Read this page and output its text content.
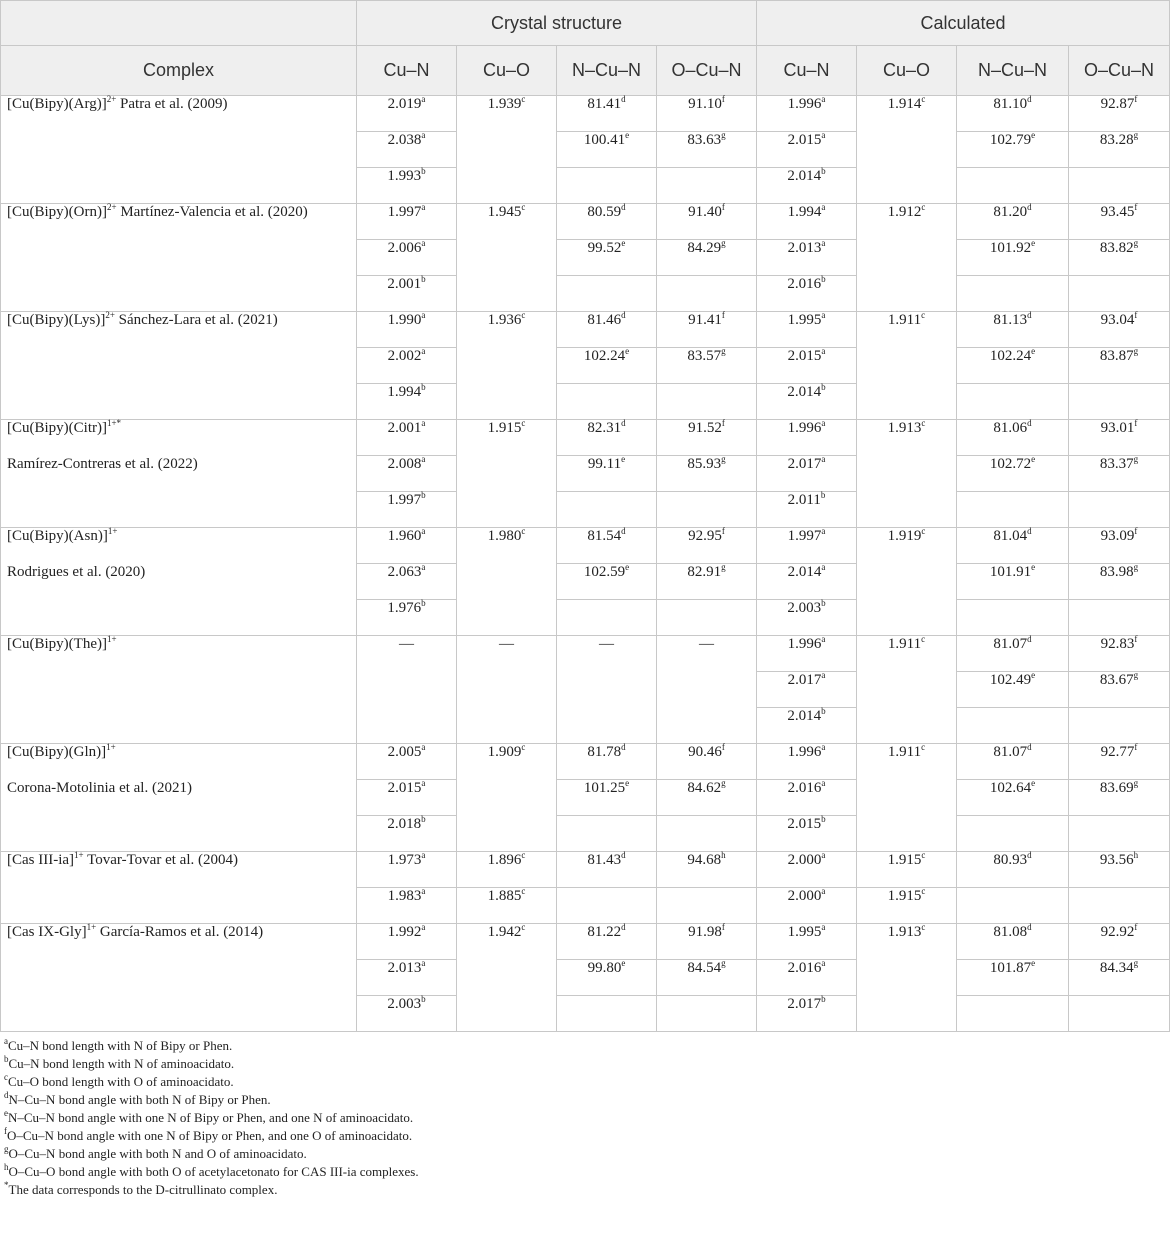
	Crystal structure				Calculated			
Complex	Cu–N	Cu–O	N–Cu–N	O–Cu–N	Cu–N	Cu–O	N–Cu–N	O–Cu–N

[Cu(Bipy)(Arg)]$^{2+}$ Patra et al. (2009)	2.019$^a$	1.939$^c$	81.41$^d$	91.10$^f$	1.996$^a$	1.914$^c$	81.10$^d$	92.87$^f$
	2.038$^a$		100.41e	83.63$^g$	2.015$^a$		102.79e	83.28$^g$
	1.993$^b$				2.014$^b$		

[Cu(Bipy)(Orn)]$^{2+}$ Martínez-Valencia et al. (2020)	1.997$^a$	1.945$^c$	80.59$^d$	91.40$^f$	1.994$^a$	1.912$^c$	81.20$^d$	93.45$^f$
	2.006$^a$		99.52e	84.29$^g$	2.013$^a$		101.92e	83.82$^g$
	2.001$^b$				2.016$^b$		

[Cu(Bipy)(Lys)]$^{2+}$ Sánchez-Lara et al. (2021)	1.990$^a$	1.936$^c$	81.46$^d$	91.41$^f$	1.995$^a$	1.911$^c$	81.13$^d$	93.04$^f$
	2.002$^a$		102.24e	83.57$^g$	2.015$^a$		102.24e	83.87$^g$
	1.994$^b$				2.014$^b$		

[Cu(Bipy)(Citr)]$^{1+*}$
Ramírez-Contreras et al. (2022)	2.001$^a$	1.915$^c$	82.31$^d$	91.52$^f$	1.996$^a$	1.913$^c$	81.06$^d$	93.01$^f$
	2.008$^a$		99.11e	85.93$^g$	2.017$^a$		102.72e	83.37$^g$
	1.997$^b$				2.011$^b$		

[Cu(Bipy)(Asn)]$^{1+}$
Rodrigues et al. (2020)	1.960$^a$	1.980$^c$	81.54$^d$	92.95$^f$	1.997$^a$	1.919$^c$	81.04$^d$	93.09$^f$
	2.063$^a$		102.59e	82.91$^g$	2.014$^a$		101.91e	83.98$^g$
	1.976$^b$				2.003$^b$		

[Cu(Bipy)(The)]$^{1+}$	—	—	—	—	1.996$^a$	1.911$^c$	81.07$^d$	92.83$^f$
					2.017$^a$		102.49e	83.67$^g$
					2.014$^b$		

[Cu(Bipy)(Gln)]$^{1+}$
Corona-Motolinia et al. (2021)	2.005$^a$	1.909$^c$	81.78$^d$	90.46$^f$	1.996$^a$	1.911$^c$	81.07$^d$	92.77$^f$
	2.015$^a$		101.25e	84.62$^g$	2.016$^a$		102.64e	83.69$^g$
	2.018$^b$				2.015$^b$		

[Cas III-ia]$^{1+}$ Tovar-Tovar et al. (2004)	1.973$^a$	1.896$^c$	81.43$^d$	94.68$^h$	2.000$^a$	1.915$^c$	80.93$^d$	93.56$^h$
	1.983$^a$	1.885$^c$			2.000$^a$	1.915$^c$		

[Cas IX-Gly]$^{1+}$ García-Ramos et al. (2014)	1.992$^a$	1.942$^c$	81.22$^d$	91.98$^f$	1.995$^a$	1.913$^c$	81.08$^d$	92.92$^f$
	2.013$^a$		99.80e	84.54$^g$	2.016$^a$		101.87e	84.34$^g$
	2.003$^b$				2.017$^b$		
$^a$Cu–N bond length with N of Bipy or Phen.
$^b$Cu–N bond length with N of aminoacidato.
$^c$Cu–O bond length with O of aminoacidato.
$^d$N–Cu–N bond angle with both N of Bipy or Phen.
$^e$N–Cu–N bond angle with one N of Bipy or Phen, and one N of aminoacidato.
$^f$O–Cu–N bond angle with one N of Bipy or Phen, and one O of aminoacidato.
$^g$O–Cu–N bond angle with both N and O of aminoacidato.
$^h$O–Cu–O bond angle with both O of acetylacetonato for CAS III-ia complexes.
*The data corresponds to the D-citrullinato complex.
